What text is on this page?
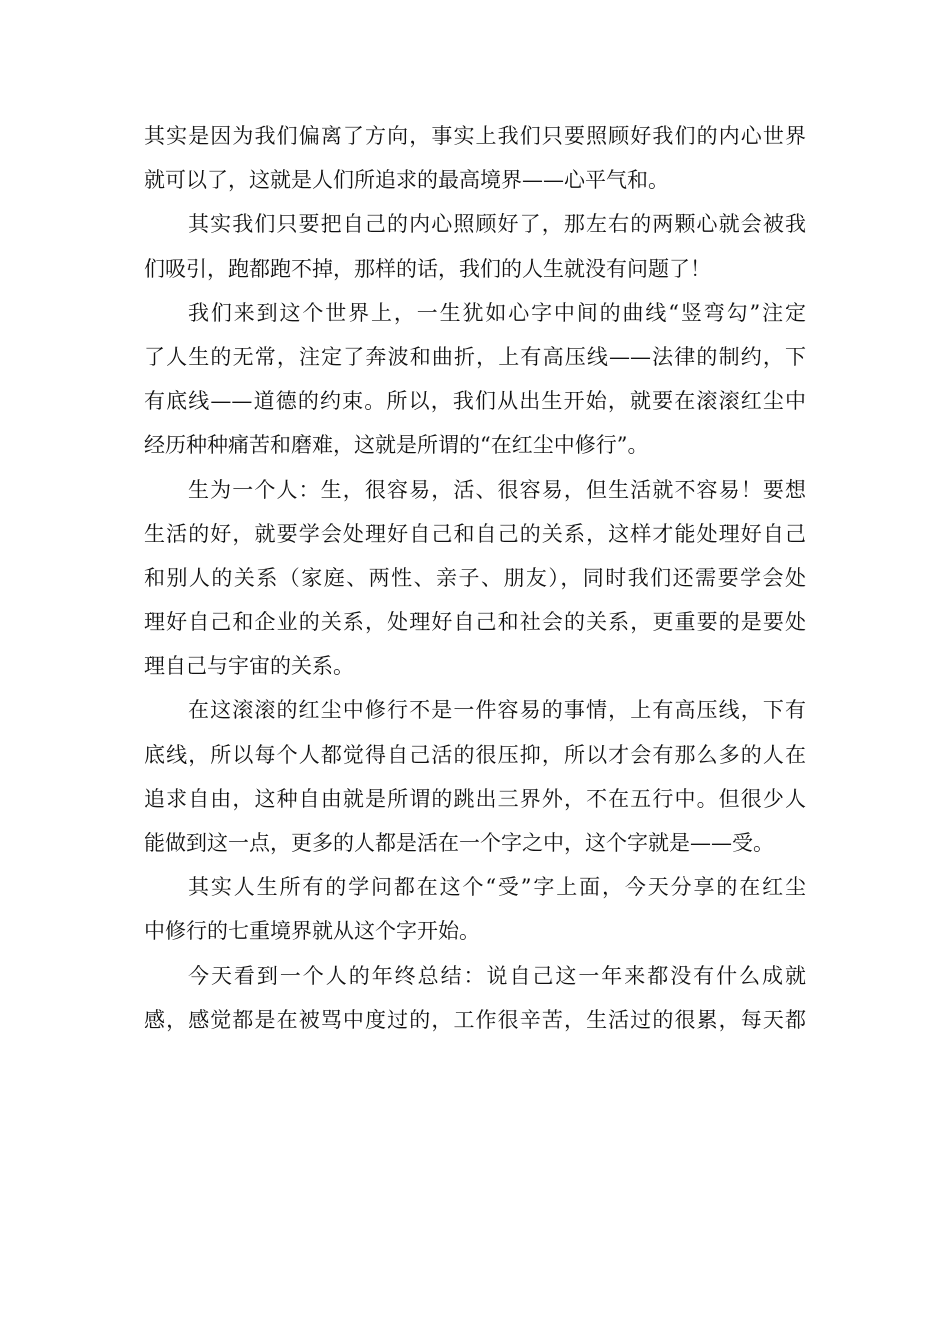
其实是因为我们偏离了方向，事实上我们只要照顾好我们的内心世界
就可以了，这就是人们所追求的最高境界——心平气和。
其实我们只要把自己的内心照顾好了，那左右的两颗心就会被我
们吸引，跑都跑不掉，那样的话，我们的人生就没有问题了！
我们来到这个世界上，一生犹如心字中间的曲线“竖弯勾”注定
了人生的无常，注定了奔波和曲折，上有高压线——法律的制约，下
有底线——道德的约束。所以，我们从出生开始，就要在滚滚红尘中
经历种种痛苦和磨难，这就是所谓的“在红尘中修行”。
生为一个人：生，很容易，活、很容易，但生活就不容易！要想
生活的好，就要学会处理好自己和自己的关系，这样才能处理好自己
和别人的关系（家庭、两性、亲子、朋友），同时我们还需要学会处
理好自己和企业的关系，处理好自己和社会的关系，更重要的是要处
理自己与宇宙的关系。
在这滚滚的红尘中修行不是一件容易的事情，上有高压线，下有
底线，所以每个人都觉得自己活的很压抑，所以才会有那么多的人在
追求自由，这种自由就是所谓的跳出三界外，不在五行中。但很少人
能做到这一点，更多的人都是活在一个字之中，这个字就是——受。
其实人生所有的学问都在这个“受”字上面，今天分享的在红尘
中修行的七重境界就从这个字开始。
今天看到一个人的年终总结：说自己这一年来都没有什么成就
感，感觉都是在被骂中度过的，工作很辛苦，生活过的很累，每天都
